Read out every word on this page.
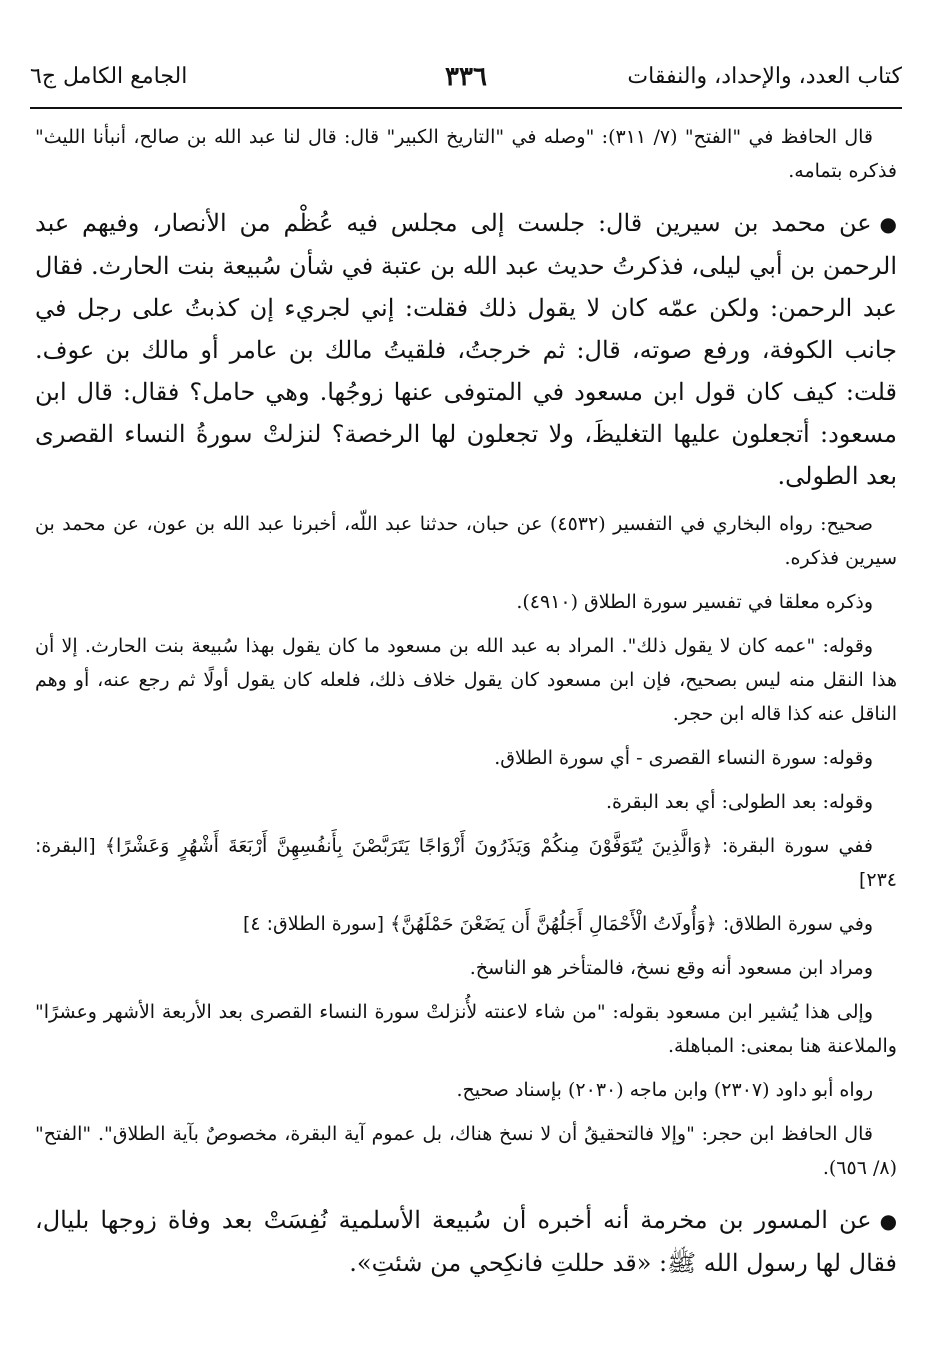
كتاب العدد، والإحداد، والنفقات
٣٣٦
الجامع الكامل ج٦

قال الحافظ في "الفتح" (٧/ ٣١١): "وصله في "التاريخ الكبير" قال: قال لنا عبد الله بن صالح، أنبأنا الليث" فذكره بتمامه.

●عن محمد بن سيرين قال: جلست إلى مجلس فيه عُظْم من الأنصار، وفيهم عبد الرحمن بن أبي ليلى، فذكرتُ حديث عبد الله بن عتبة في شأن سُبيعة بنت الحارث. فقال عبد الرحمن: ولكن عمّه كان لا يقول ذلك فقلت: إني لجريء إن كذبتُ على رجل في جانب الكوفة، ورفع صوته، قال: ثم خرجتُ، فلقيتُ مالك بن عامر أو مالك بن عوف. قلت: كيف كان قول ابن مسعود في المتوفى عنها زوجُها. وهي حامل؟ فقال: قال ابن مسعود: أتجعلون عليها التغليظَ، ولا تجعلون لها الرخصة؟ لنزلتْ سورةُ النساء القصرى بعد الطولى.

صحيح: رواه البخاري في التفسير (٤٥٣٢) عن حبان، حدثنا عبد اللّه، أخبرنا عبد الله بن عون، عن محمد بن سيرين فذكره.

وذكره معلقا في تفسير سورة الطلاق (٤٩١٠).

وقوله: "عمه كان لا يقول ذلك". المراد به عبد الله بن مسعود ما كان يقول بهذا سُبيعة بنت الحارث. إلا أن هذا النقل منه ليس بصحيح، فإن ابن مسعود كان يقول خلاف ذلك، فلعله كان يقول أولًا ثم رجع عنه، أو وهم الناقل عنه كذا قاله ابن حجر.

وقوله: سورة النساء القصرى - أي سورة الطلاق.

وقوله: بعد الطولى: أي بعد البقرة.

ففي سورة البقرة: ﴿وَالَّذِينَ يُتَوَفَّوْنَ مِنكُمْ وَيَذَرُونَ أَزْوَاجًا يَتَرَبَّصْنَ بِأَنفُسِهِنَّ أَرْبَعَةَ أَشْهُرٍ وَعَشْرًا﴾ [البقرة: ٢٣٤]

وفي سورة الطلاق: ﴿وَأُولَاتُ الْأَحْمَالِ أَجَلُهُنَّ أَن يَضَعْنَ حَمْلَهُنَّ﴾ [سورة الطلاق: ٤]

ومراد ابن مسعود أنه وقع نسخ، فالمتأخر هو الناسخ.

وإلى هذا يُشير ابن مسعود بقوله: "من شاء لاعنته لأُنزلتْ سورة النساء القصرى بعد الأربعة الأشهر وعشرًا" والملاعنة هنا بمعنى: المباهلة.

رواه أبو داود (٢٣٠٧) وابن ماجه (٢٠٣٠) بإسناد صحيح.

قال الحافظ ابن حجر: "وإلا فالتحقيقُ أن لا نسخ هناك، بل عموم آية البقرة، مخصوصٌ بآية الطلاق". "الفتح" (٨/ ٦٥٦).

●عن المسور بن مخرمة أنه أخبره أن سُبيعة الأسلمية نُفِسَتْ بعد وفاة زوجها بليال، فقال لها رسول الله ﷺ: «قد حللتِ فانكِحي من شئتِ».
